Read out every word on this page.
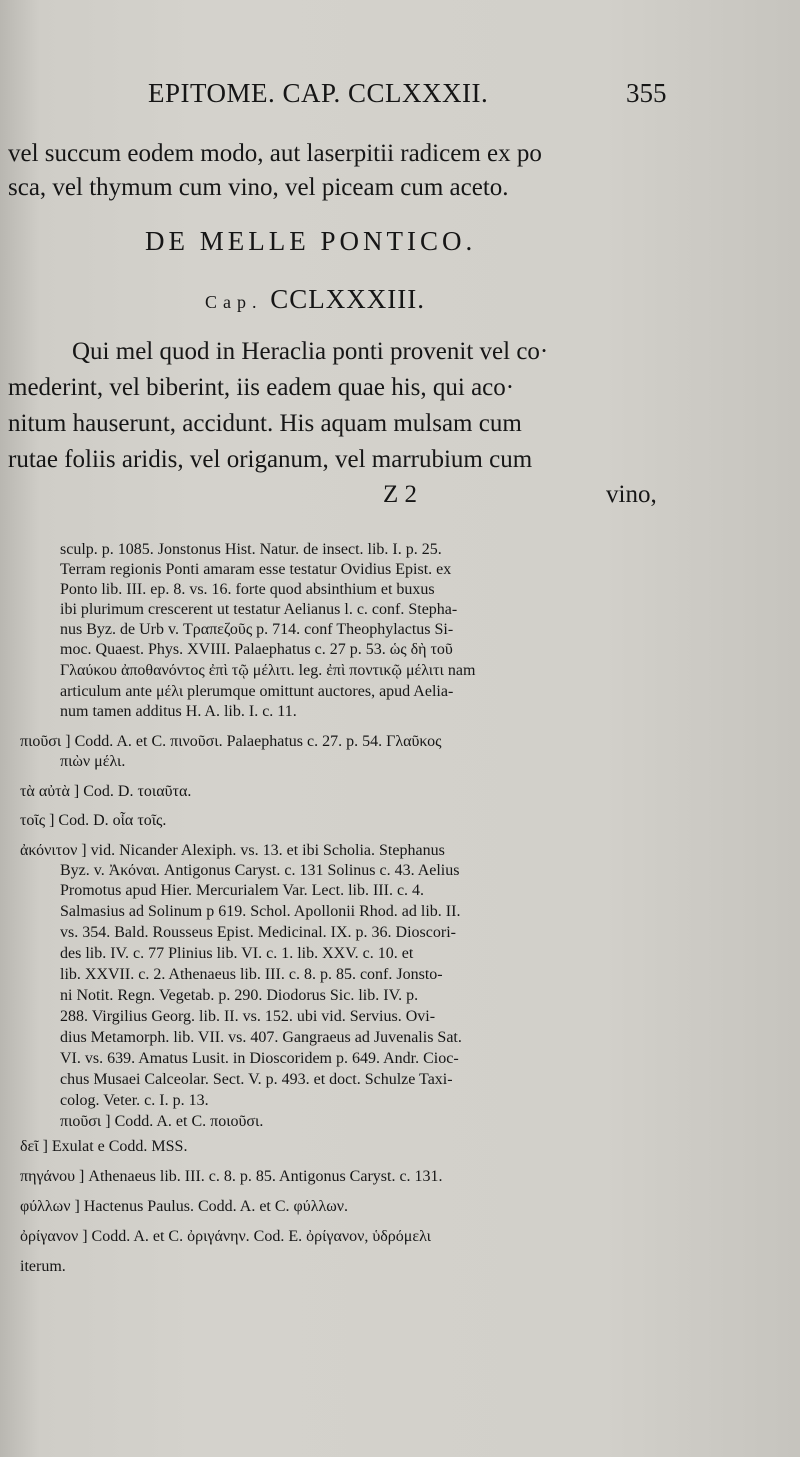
EPITOME. CAP. CCLXXXII.	355
vel succum eodem modo, aut laserpitii radicem ex po
sca, vel thymum cum vino, vel piceam cum aceto.
DE MELLE PONTICO.
Cap. CCLXXXIII.
Qui mel quod in Heraclia ponti provenit vel co·
mederint, vel biberint, iis eadem quae his, qui aco·
nitum hauserunt, accidunt. His aquam mulsam cum
rutae foliis aridis, vel origanum, vel marrubium cum
Z 2	vino,
sculp. p. 1085. Jonstonus Hist. Natur. de insect. lib. I. p. 25.
Terram regionis Ponti amaram esse testatur Ovidius Epist. ex
Ponto lib. III. ep. 8. vs. 16. forte quod absinthium et buxus
ibi plurimum crescerent ut testatur Aelianus l. c. conf. Stepha-
nus Byz. de Urb v. Τραπεζοῦς p. 714. conf Theophylactus Si-
moc. Quaest. Phys. XVIII. Palaephatus c. 27 p. 53. ὡς δὴ τοῦ
Γλαύκου ἀποθανόντος ἐπὶ τῷ μέλιτι. leg. ἐπὶ ποντικῷ μέλιτι nam
articulum ante μέλι plerumque omittunt auctores, apud Aelia-
num tamen additus H. A. lib. I. c. 11.
πιοῦσι ] Codd. A. et C. πινοῦσι. Palaephatus c. 27. p. 54. Γλαῦκος
πιὼν μέλι.
τὰ αὐτὰ ] Cod. D. τοιαῦτα.
τοῖς ] Cod. D. οἷα τοῖς.
ἀκόνιτον ] vid. Nicander Alexiph. vs. 13. et ibi Scholia. Stephanus
Byz. v. Ἀκόναι. Antigonus Caryst. c. 131 Solinus c. 43. Aelius
Promotus apud Hier. Mercurialem Var. Lect. lib. III. c. 4.
Salmasius ad Solinum p 619. Schol. Apollonii Rhod. ad lib. II.
vs. 354. Bald. Rousseus Epist. Medicinal. IX. p. 36. Dioscori-
des lib. IV. c. 77 Plinius lib. VI. c. 1. lib. XXV. c. 10. et
lib. XXVII. c. 2. Athenaeus lib. III. c. 8. p. 85. conf. Jonsto-
ni Notit. Regn. Vegetab. p. 290. Diodorus Sic. lib. IV. p.
288. Virgilius Georg. lib. II. vs. 152. ubi vid. Servius. Ovi-
dius Metamorph. lib. VII. vs. 407. Gangraeus ad Juvenalis Sat.
VI. vs. 639. Amatus Lusit. in Dioscoridem p. 649. Andr. Cioc-
chus Musaei Calceolar. Sect. V. p. 493. et doct. Schulze Taxi-
colog. Veter. c. I. p. 13.
πιοῦσι ] Codd. A. et C. ποιοῦσι.
δεῖ ] Exulat e Codd. MSS.
πηγάνου ] Athenaeus lib. III. c. 8. p. 85. Antigonus Caryst. c. 131.
φύλλων ] Hactenus Paulus. Codd. A. et C. φύλλων.
ὀρίγανον ] Codd. A. et C. ὀριγάνην. Cod. E. ὀρίγανον, ὑδρόμελι
iterum.
